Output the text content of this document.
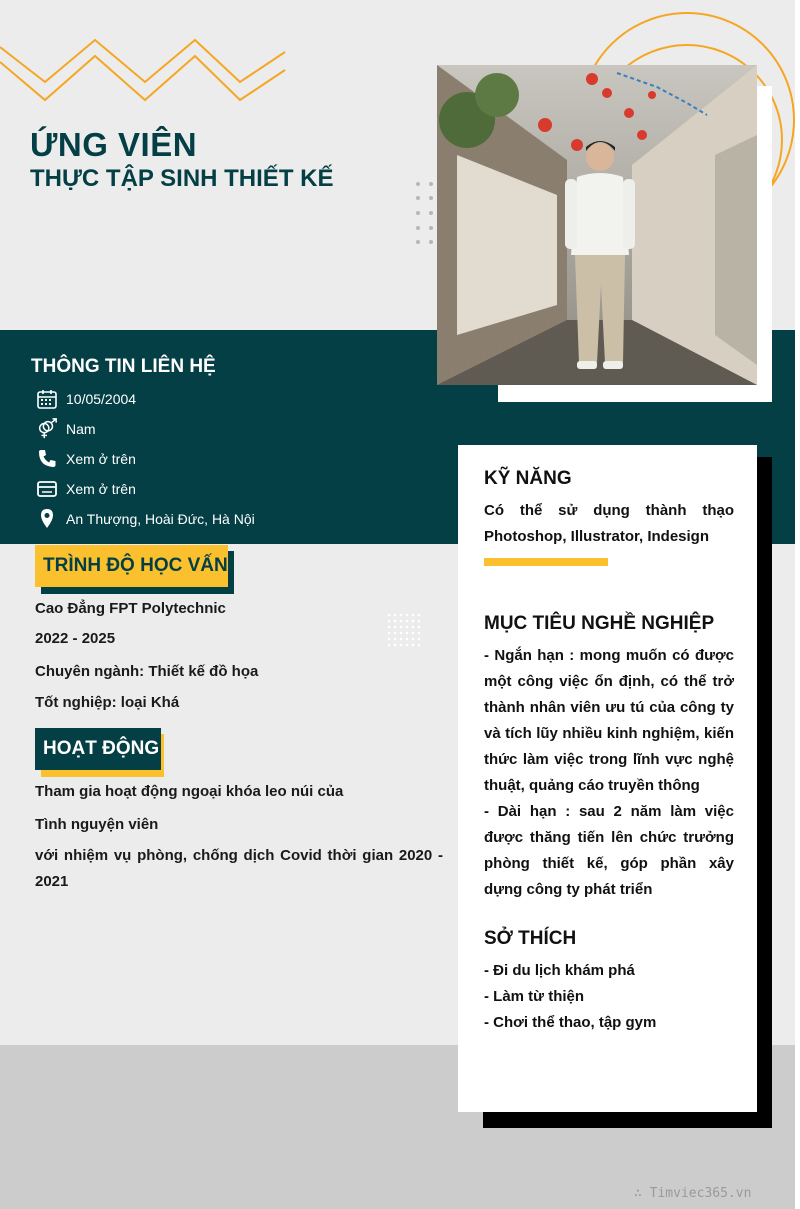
ỨNG VIÊN
THỰC TẬP SINH THIẾT KẾ
THÔNG TIN LIÊN HỆ
10/05/2004
Nam
Xem ở trên
Xem ở trên
An Thượng, Hoài Đức, Hà Nội
TRÌNH ĐỘ HỌC VẤN
Cao Đẳng FPT Polytechnic
2022 - 2025
Chuyên ngành: Thiết kế đồ họa
Tốt nghiệp: loại Khá
HOẠT ĐỘNG
Tham gia hoạt động ngoại khóa leo núi của
Tình nguyện viên
với nhiệm vụ phòng, chống dịch Covid thời gian 2020 - 2021
KỸ NĂNG
Có thể sử dụng thành thạo Photoshop, Illustrator, Indesign
MỤC TIÊU NGHỀ NGHIỆP
- Ngắn hạn : mong muốn có được một công việc ổn định, có thể trở thành nhân viên ưu tú của công ty và tích lũy nhiều kinh nghiệm, kiến thức làm việc trong lĩnh vực nghệ thuật, quảng cáo truyền thông
- Dài hạn : sau 2 năm làm việc được thăng tiến lên chức trưởng phòng thiết kế, góp phần xây dựng công ty phát triển
SỞ THÍCH
- Đi du lịch khám phá
- Làm từ thiện
- Chơi thể thao, tập gym
∴ Timviec365.vn
